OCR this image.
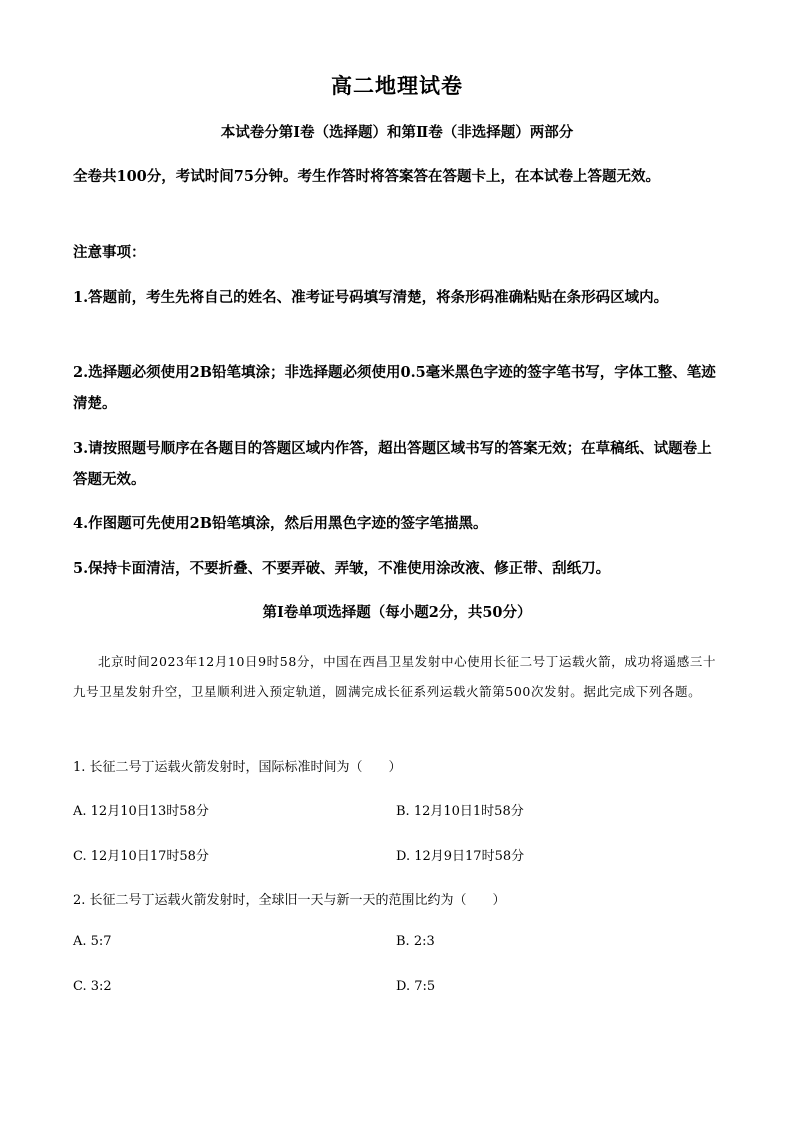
高二地理试卷
本试卷分第Ⅰ卷（选择题）和第Ⅱ卷（非选择题）两部分
全卷共100分，考试时间75分钟。考生作答时将答案答在答题卡上，在本试卷上答题无效。
注意事项：
1.答题前，考生先将自己的姓名、准考证号码填写清楚，将条形码准确粘贴在条形码区域内。
2.选择题必须使用2B铅笔填涂；非选择题必须使用0.5毫米黑色字迹的签字笔书写，字体工整、笔迹清楚。
3.请按照题号顺序在各题目的答题区域内作答，超出答题区域书写的答案无效；在草稿纸、试题卷上答题无效。
4.作图题可先使用2B铅笔填涂，然后用黑色字迹的签字笔描黑。
5.保持卡面清洁，不要折叠、不要弄破、弄皱，不准使用涂改液、修正带、刮纸刀。
第Ⅰ卷单项选择题（每小题2分，共50分）
北京时间2023年12月10日9时58分，中国在西昌卫星发射中心使用长征二号丁运载火箭，成功将遥感三十九号卫星发射升空，卫星顺利进入预定轨道，圆满完成长征系列运载火箭第500次发射。据此完成下列各题。
1. 长征二号丁运载火箭发射时，国际标准时间为（　　）
A. 12月10日13时58分	B. 12月10日1时58分
C. 12月10日17时58分	D. 12月9日17时58分
2. 长征二号丁运载火箭发射时，全球旧一天与新一天的范围比约为（　　）
A. 5:7	B. 2:3
C. 3:2	D. 7:5
